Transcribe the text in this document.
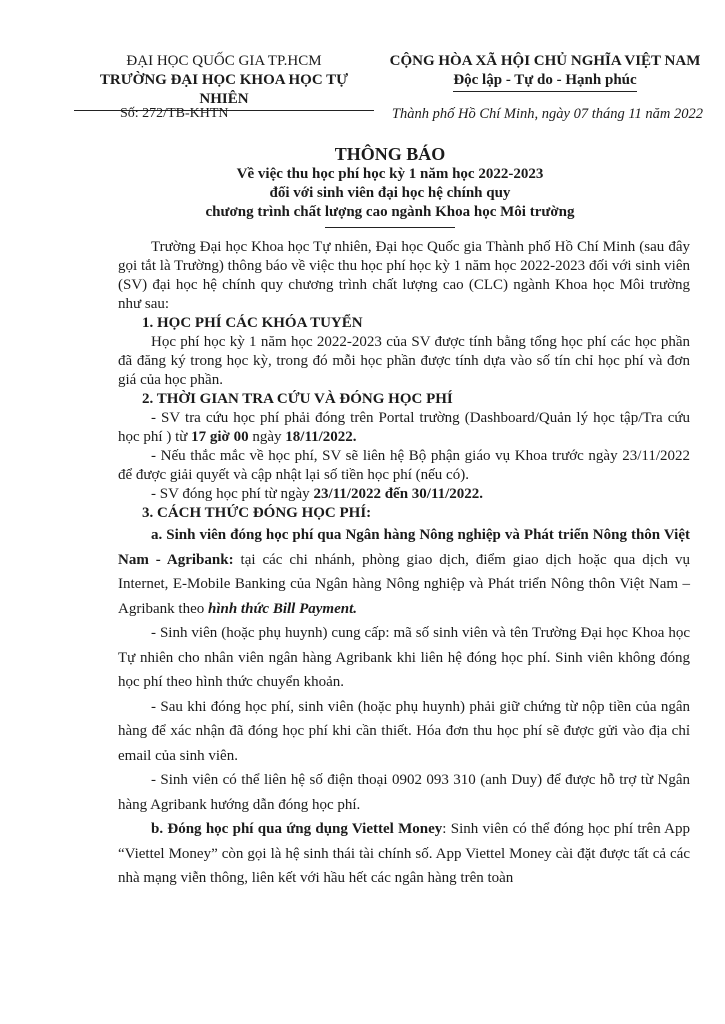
ĐẠI HỌC QUỐC GIA TP.HCM
TRƯỜNG ĐẠI HỌC KHOA HỌC TỰ NHIÊN
CỘNG HÒA XÃ HỘI CHỦ NGHĨA VIỆT NAM
Độc lập - Tự do - Hạnh phúc
Số: 272/TB-KHTN	Thành phố Hồ Chí Minh, ngày 07 tháng 11 năm 2022
THÔNG BÁO
Về việc thu học phí học kỳ 1 năm học 2022-2023
đối với sinh viên đại học hệ chính quy
chương trình chất lượng cao ngành Khoa học Môi trường

Trường Đại học Khoa học Tự nhiên, Đại học Quốc gia Thành phố Hồ Chí Minh (sau đây gọi tắt là Trường) thông báo về việc thu học phí học kỳ 1 năm học 2022-2023 đối với sinh viên (SV) đại học hệ chính quy chương trình chất lượng cao (CLC) ngành Khoa học Môi trường như sau:

1. HỌC PHÍ CÁC KHÓA TUYỂN

Học phí học kỳ 1 năm học 2022-2023 của SV được tính bằng tổng học phí các học phần đã đăng ký trong học kỳ, trong đó mỗi học phần được tính dựa vào số tín chỉ học phí và đơn giá của học phần.

2. THỜI GIAN TRA CỨU VÀ ĐÓNG HỌC PHÍ

- SV tra cứu học phí phải đóng trên Portal trường (Dashboard/Quản lý học tập/Tra cứu học phí ) từ 17 giờ 00 ngày 18/11/2022.

- Nếu thắc mắc về học phí, SV sẽ liên hệ Bộ phận giáo vụ Khoa trước ngày 23/11/2022 để được giải quyết và cập nhật lại số tiền học phí (nếu có).

- SV đóng học phí từ ngày 23/11/2022 đến 30/11/2022.

3. CÁCH THỨC ĐÓNG HỌC PHÍ:

a. Sinh viên đóng học phí qua Ngân hàng Nông nghiệp và Phát triển Nông thôn Việt Nam - Agribank: tại các chi nhánh, phòng giao dịch, điểm giao dịch hoặc qua dịch vụ Internet, E-Mobile Banking của Ngân hàng Nông nghiệp và Phát triển Nông thôn Việt Nam – Agribank theo hình thức Bill Payment.

- Sinh viên (hoặc phụ huynh) cung cấp: mã số sinh viên và tên Trường Đại học Khoa học Tự nhiên cho nhân viên ngân hàng Agribank khi liên hệ đóng học phí. Sinh viên không đóng học phí theo hình thức chuyển khoản.

- Sau khi đóng học phí, sinh viên (hoặc phụ huynh) phải giữ chứng từ nộp tiền của ngân hàng để xác nhận đã đóng học phí khi cần thiết. Hóa đơn thu học phí sẽ được gửi vào địa chỉ email của sinh viên.

- Sinh viên có thể liên hệ số điện thoại 0902 093 310 (anh Duy) để được hỗ trợ từ Ngân hàng Agribank hướng dẫn đóng học phí.

b. Đóng học phí qua ứng dụng Viettel Money: Sinh viên có thể đóng học phí trên App “Viettel Money” còn gọi là hệ sinh thái tài chính số. App Viettel Money cài đặt được tất cả các nhà mạng viễn thông, liên kết với hầu hết các ngân hàng trên toàn
